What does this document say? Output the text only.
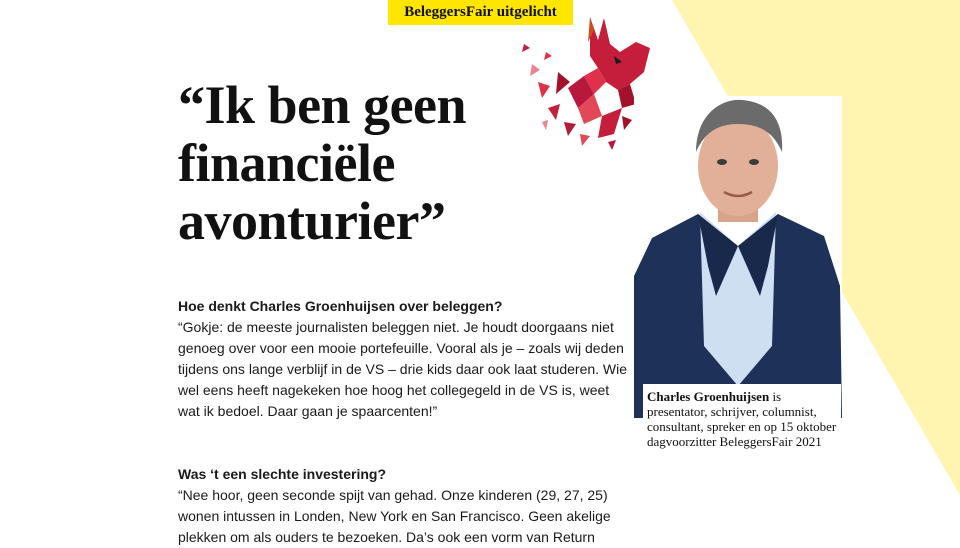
BeleggersFair uitgelicht
“Ik ben geen
financiële
avonturier”
Charles Groenhuijsen is presentator, schrijver, columnist, consultant, spreker en op 15 oktober dagvoorzitter BeleggersFair 2021
Hoe denkt Charles Groenhuijsen over beleggen?
“Gokje: de meeste journalisten beleggen niet. Je houdt doorgaans niet genoeg over voor een mooie portefeuille. Vooral als je – zoals wij deden tijdens ons lange verblijf in de VS – drie kids daar ook laat studeren. Wie wel eens heeft nagekeken hoe hoog het collegegeld in de VS is, weet wat ik bedoel. Daar gaan je spaarcenten!”
Was ‘t een slechte investering?
“Nee hoor, geen seconde spijt van gehad. Onze kinderen (29, 27, 25) wonen intussen in Londen, New York en San Francisco. Geen akelige plekken om als ouders te bezoeken. Da’s ook een vorm van Return
